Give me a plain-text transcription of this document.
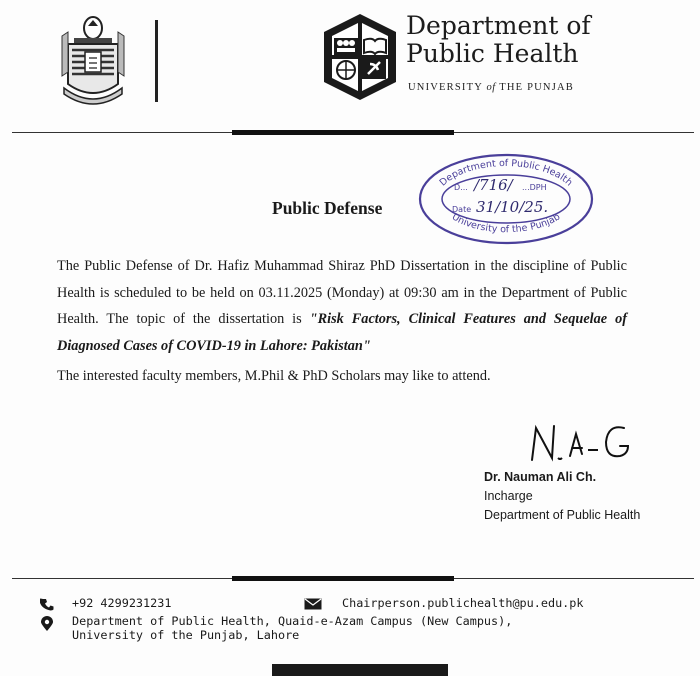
Department of
Public Health
UNIVERSITY of THE PUNJAB
Department of Public Health
University of the Punjab
D... /716/ ...DPH
Date 31/10/25.
Public Defense
The Public Defense of Dr. Hafiz Muhammad Shiraz PhD Dissertation in the discipline of Public Health is scheduled to be held on 03.11.2025 (Monday) at 09:30 am in the Department of Public Health. The topic of the dissertation is "Risk Factors, Clinical Features and Sequelae of Diagnosed Cases of COVID-19 in Lahore: Pakistan"
The interested faculty members, M.Phil & PhD Scholars may like to attend.
Dr. Nauman Ali Ch.
Incharge
Department of Public Health
+92 4299231231	Chairperson.publichealth@pu.edu.pk
Department of Public Health, Quaid-e-Azam Campus (New Campus),
University of the Punjab, Lahore
